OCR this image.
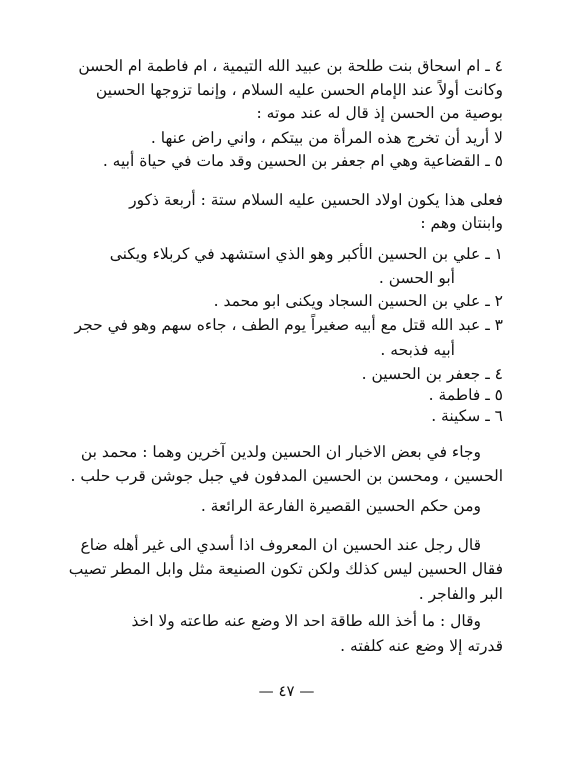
٤ ـ ام اسحاق بنت طلحة بن عبيد الله التيمية ، ام فاطمة ام الحسن
وكانت أولاً عند الإمام الحسن عليه السلام ، وإنما تزوجها الحسين
بوصية من الحسن إذ قال له عند موته :
لا أريد أن تخرج هذه المرأة من بيتكم ، واني راض عنها .
٥ ـ القضاعية وهي ام جعفر بن الحسين وقد مات في حياة أبيه .
فعلى هذا يكون اولاد الحسين عليه السلام ستة : أربعة ذكور
وابنتان وهم :
١ ـ علي بن الحسين الأكبر وهو الذي استشهد في كربلاء ويكنى
أبو الحسن .
٢ ـ علي بن الحسين السجاد ويكنى ابو محمد .
٣ ـ عبد الله قتل مع أبيه صغيراً يوم الطف ، جاءه سهم وهو في حجر
أبيه فذبحه .
٤ ـ جعفر بن الحسين .
٥ ـ فاطمة .
٦ ـ سكينة .
وجاء في بعض الاخبار ان الحسين ولدين آخرين وهما : محمد بن
الحسين ، ومحسن بن الحسين المدفون في جبل جوشن قرب حلب .
ومن حكم الحسين القصيرة الفارعة الرائعة .
قال رجل عند الحسين ان المعروف اذا أسدي الى غير أهله ضاع
فقال الحسين ليس كذلك ولكن تكون الصنيعة مثل وابل المطر تصيب
البر والفاجر .
وقال : ما أخذ الله طاقة احد الا وضع عنه طاعته ولا اخذ
قدرته إلا وضع عنه كلفته .
— ٤٧ —
